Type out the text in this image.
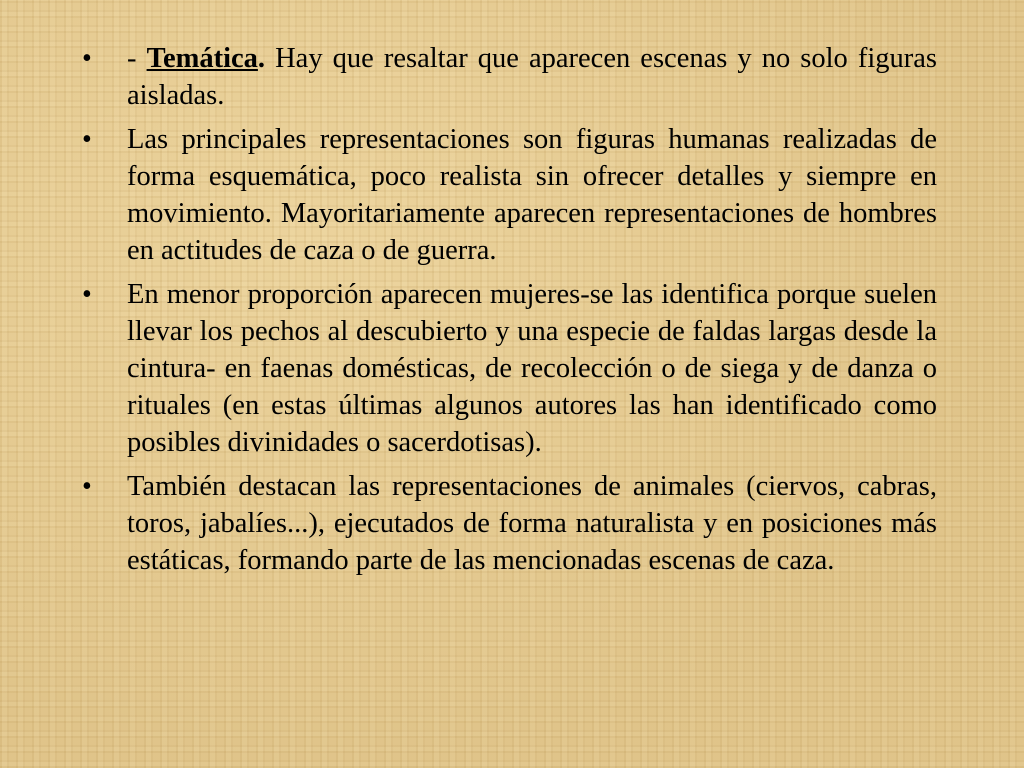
• - Temática. Hay que resaltar que aparecen escenas y no solo figuras aisladas.
• Las principales representaciones son figuras humanas realizadas de forma esquemática, poco realista sin ofrecer detalles y siempre en movimiento. Mayoritariamente aparecen representaciones de hombres en actitudes de caza o de guerra.
• En menor proporción aparecen mujeres-se las identifica porque suelen llevar los pechos al descubierto y una especie de faldas largas desde la cintura- en faenas domésticas, de recolección o de siega y de danza o rituales (en estas últimas algunos autores las han identificado como posibles divinidades o sacerdotisas).
• También destacan las representaciones de animales (ciervos, cabras, toros, jabalíes...), ejecutados de forma naturalista y en posiciones más estáticas, formando parte de las mencionadas escenas de caza.
